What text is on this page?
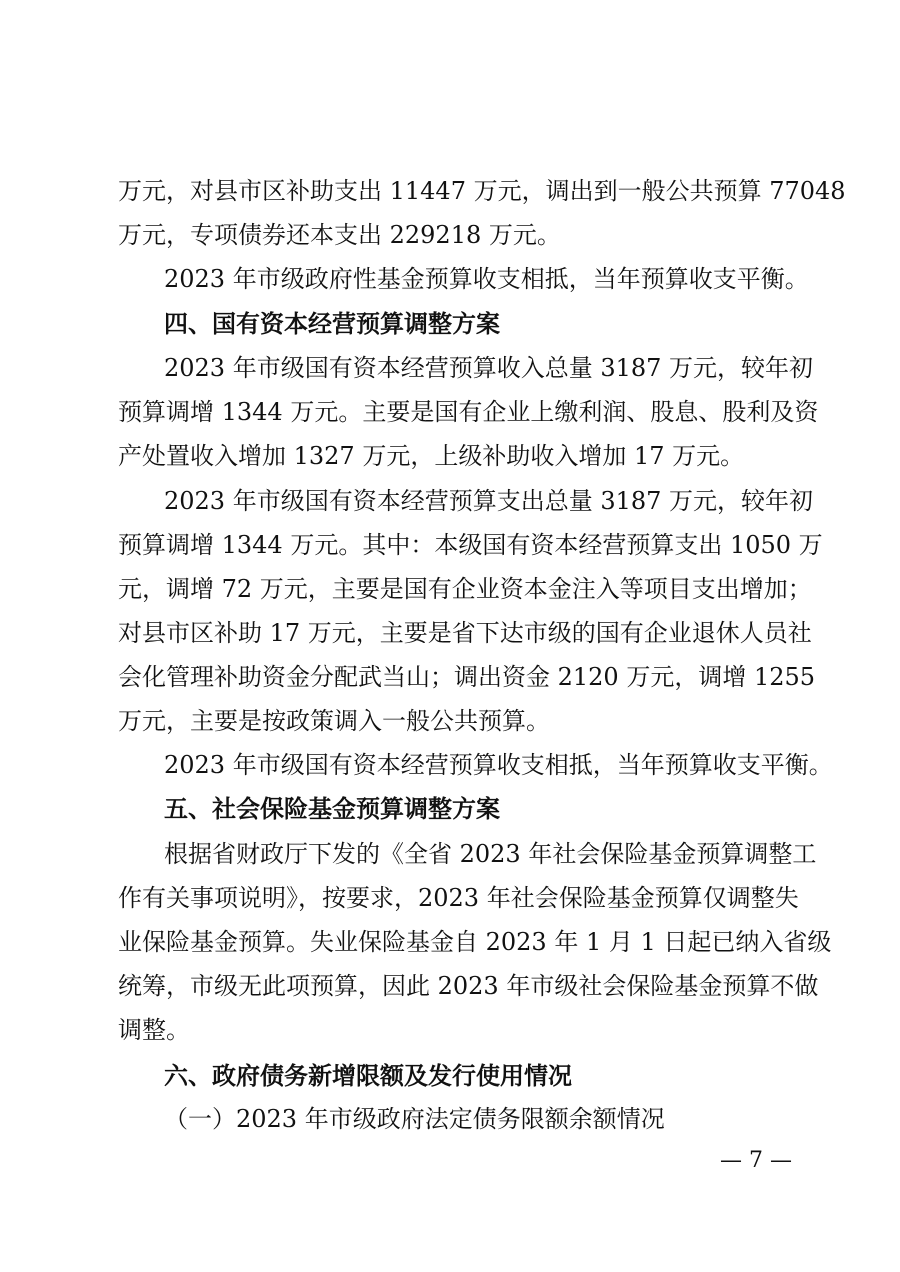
万元，对县市区补助支出 11447 万元，调出到一般公共预算 77048
万元，专项债券还本支出 229218 万元。
2023 年市级政府性基金预算收支相抵，当年预算收支平衡。
四、国有资本经营预算调整方案
2023 年市级国有资本经营预算收入总量 3187 万元，较年初
预算调增 1344 万元。主要是国有企业上缴利润、股息、股利及资
产处置收入增加 1327 万元，上级补助收入增加 17 万元。
2023 年市级国有资本经营预算支出总量 3187 万元，较年初
预算调增 1344 万元。其中：本级国有资本经营预算支出 1050 万
元，调增 72 万元，主要是国有企业资本金注入等项目支出增加；
对县市区补助 17 万元，主要是省下达市级的国有企业退休人员社
会化管理补助资金分配武当山；调出资金 2120 万元，调增 1255
万元，主要是按政策调入一般公共预算。
2023 年市级国有资本经营预算收支相抵，当年预算收支平衡。
五、社会保险基金预算调整方案
根据省财政厅下发的《全省 2023 年社会保险基金预算调整工
作有关事项说明》，按要求，2023 年社会保险基金预算仅调整失
业保险基金预算。失业保险基金自 2023 年 1 月 1 日起已纳入省级
统筹，市级无此项预算，因此 2023 年市级社会保险基金预算不做
调整。
六、政府债务新增限额及发行使用情况
（一）2023 年市级政府法定债务限额余额情况
— 7 —
